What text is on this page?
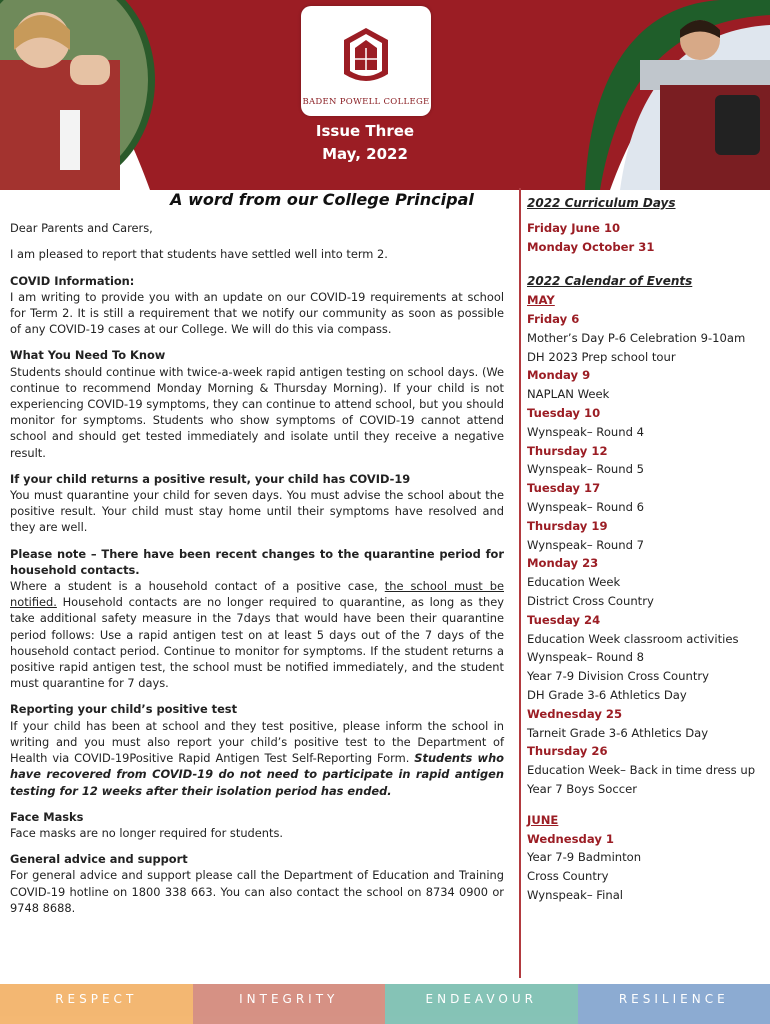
BADEN POWELL COLLEGE
Issue Three
May, 2022
A word from our College Principal

Dear Parents and Carers,

I am pleased to report that students have settled well into term 2.

COVID Information:
I am writing to provide you with an update on our COVID-19 requirements at school for Term 2. It is still a requirement that we notify our community as soon as possible of any COVID-19 cases at our College. We will do this via compass.

What You Need To Know
Students should continue with twice-a-week rapid antigen testing on school days. (We continue to recommend Monday Morning & Thursday Morning). If your child is not experiencing COVID-19 symptoms, they can continue to attend school, but you should monitor for symptoms. Students who show symptoms of COVID-19 cannot attend school and should get tested immediately and isolate until they receive a negative result.

If your child returns a positive result, your child has COVID-19
You must quarantine your child for seven days. You must advise the school about the positive result. Your child must stay home until their symptoms have resolved and they are well.

Please note – There have been recent changes to the quarantine period for household contacts.
Where a student is a household contact of a positive case, the school must be notified. Household contacts are no longer required to quarantine, as long as they take additional safety measure in the 7days that would have been their quarantine period follows: Use a rapid antigen test on at least 5 days out of the 7 days of the household contact period. Continue to monitor for symptoms. If the student returns a positive rapid antigen test, the school must be notified immediately, and the student must quarantine for 7 days.

Reporting your child’s positive test
If your child has been at school and they test positive, please inform the school in writing and you must also report your child’s positive test to the Department of Health via COVID-19Positive Rapid Antigen Test Self-Reporting Form. Students who have recovered from COVID-19 do not need to participate in rapid antigen testing for 12 weeks after their isolation period has ended.

Face Masks
Face masks are no longer required for students.

General advice and support
For general advice and support please call the Department of Education and Training COVID-19 hotline on 1800 338 663. You can also contact the school on 8734 0900 or 9748 8688.

2022 Curriculum Days
Friday June 10
Monday October 31
2022 Calendar of Events
MAY
Friday 6
Mother’s Day P-6 Celebration 9-10am
DH 2023 Prep school tour
Monday 9
NAPLAN Week
Tuesday 10
Wynspeak– Round 4
Thursday 12
Wynspeak– Round 5
Tuesday 17
Wynspeak– Round 6
Thursday 19
Wynspeak– Round 7
Monday 23
Education Week
District Cross Country
Tuesday 24
Education Week classroom activities
Wynspeak– Round 8
Year 7-9 Division Cross Country
DH Grade 3-6 Athletics Day
Wednesday 25
Tarneit Grade 3-6 Athletics Day
Thursday 26
Education Week– Back in time dress up
Year 7 Boys Soccer
JUNE
Wednesday 1
Year 7-9 Badminton
Cross Country
Wynspeak– Final
RESPECT	INTEGRITY	ENDEAVOUR	RESILIENCE
